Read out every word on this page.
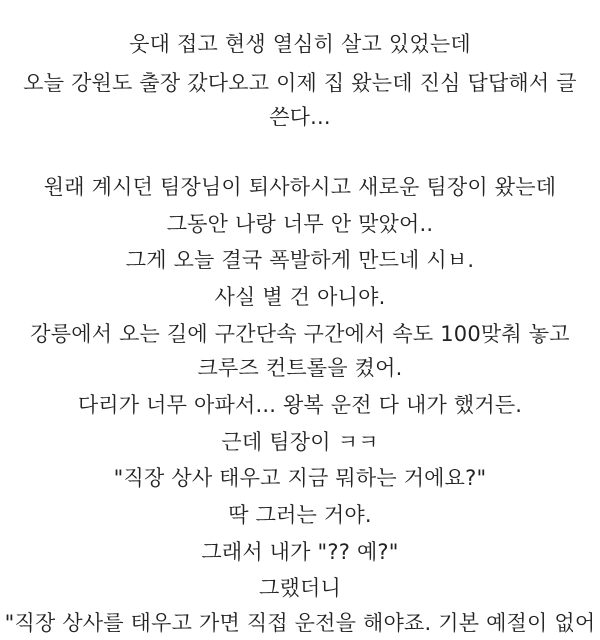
웃대 접고 현생 열심히 살고 있었는데
오늘 강원도 출장 갔다오고 이제 집 왔는데 진심 답답해서 글 쓴다...
원래 계시던 팀장님이 퇴사하시고 새로운 팀장이 왔는데
그동안 나랑 너무 안 맞았어..
그게 오늘 결국 폭발하게 만드네 시ㅂ.
사실 별 건 아니야.
강릉에서 오는 길에 구간단속 구간에서 속도 100맞춰 놓고 크루즈 컨트롤을 켰어.
다리가 너무 아파서... 왕복 운전 다 내가 했거든.
근데 팀장이 ㅋㅋ
"직장 상사 태우고 지금 뭐하는 거에요?"
딱 그러는 거야.
그래서 내가 "?? 예?"
그랬더니
"직장 상사를 태우고 가면 직접 운전을 해야죠. 기본 예절이 없어
